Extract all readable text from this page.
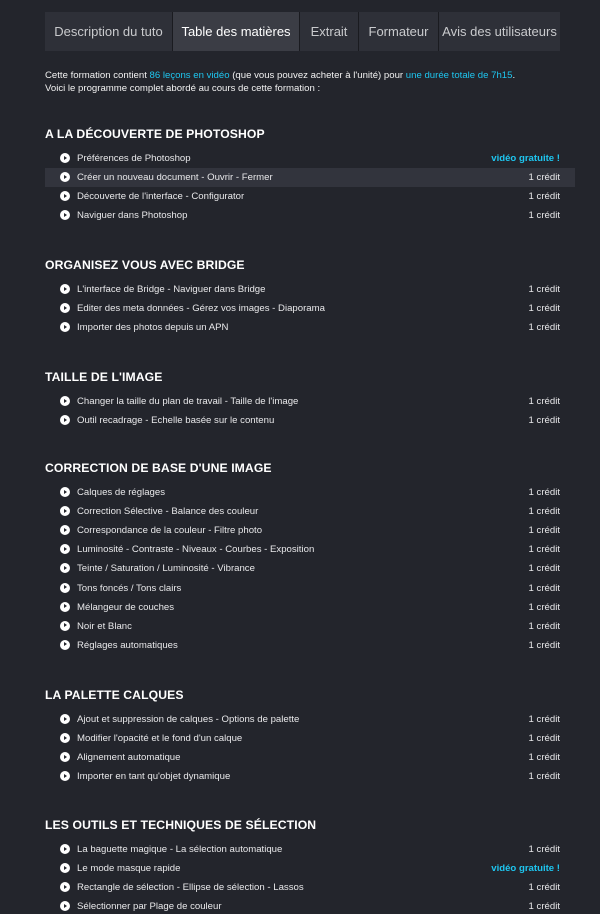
Description du tuto	Table des matières	Extrait	Formateur	Avis des utilisateurs
Cette formation contient 86 leçons en vidéo (que vous pouvez acheter à l'unité) pour une durée totale de 7h15.
Voici le programme complet abordé au cours de cette formation :
A LA DÉCOUVERTE DE PHOTOSHOP
Préférences de Photoshop	vidéo gratuite !
Créer un nouveau document - Ouvrir - Fermer	1 crédit
Découverte de l'interface - Configurator	1 crédit
Naviguer dans Photoshop	1 crédit
ORGANISEZ VOUS AVEC BRIDGE
L'interface de Bridge - Naviguer dans Bridge	1 crédit
Editer des meta données - Gérez vos images - Diaporama	1 crédit
Importer des photos depuis un APN	1 crédit
TAILLE DE L'IMAGE
Changer la taille du plan de travail - Taille de l'image	1 crédit
Outil recadrage - Echelle basée sur le contenu	1 crédit
CORRECTION DE BASE D'UNE IMAGE
Calques de réglages	1 crédit
Correction Sélective - Balance des couleur	1 crédit
Correspondance de la couleur - Filtre photo	1 crédit
Luminosité - Contraste - Niveaux - Courbes - Exposition	1 crédit
Teinte / Saturation / Luminosité - Vibrance	1 crédit
Tons foncés / Tons clairs	1 crédit
Mélangeur de couches	1 crédit
Noir et Blanc	1 crédit
Réglages automatiques	1 crédit
LA PALETTE CALQUES
Ajout et suppression de calques - Options de palette	1 crédit
Modifier l'opacité et le fond d'un calque	1 crédit
Alignement automatique	1 crédit
Importer en tant qu'objet dynamique	1 crédit
LES OUTILS ET TECHNIQUES DE SÉLECTION
La baguette magique - La sélection automatique	1 crédit
Le mode masque rapide	vidéo gratuite !
Rectangle de sélection - Ellipse de sélection - Lassos	1 crédit
Sélectionner par Plage de couleur	1 crédit
